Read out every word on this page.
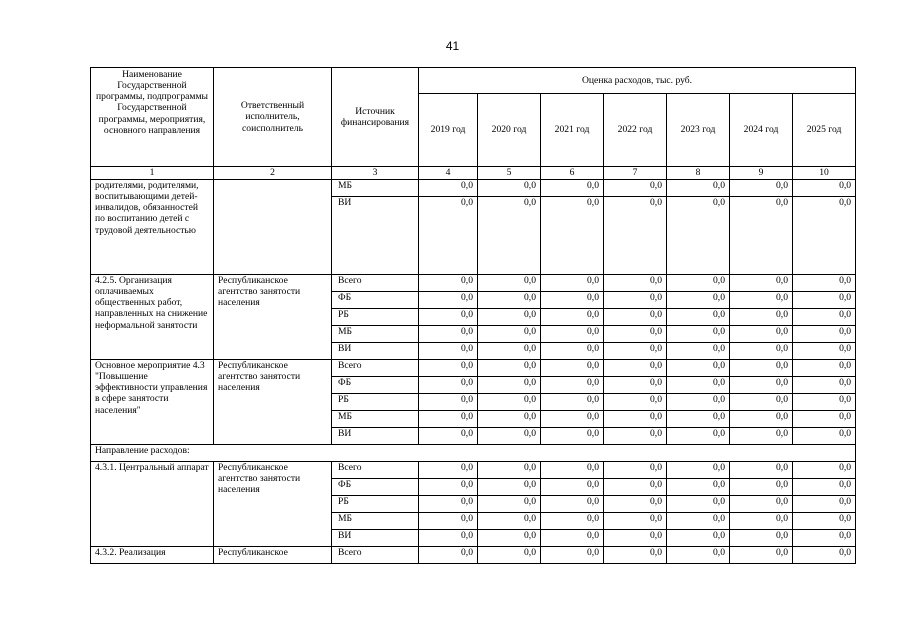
41
Наименование Государственной программы, подпрограммы Государственной программы, мероприятия, основного направления	Ответственный исполнитель, соисполнитель	Источник финансирования	Оценка расходов, тыс. руб.						
			2019 год	2020 год	2021 год	2022 год	2023 год	2024 год	2025 год
1	2	3	4	5	6	7	8	9	10
родителями, родителями, воспитывающими детей-инвалидов, обязанностей по воспитанию детей с трудовой деятельностью		МБ	0,0	0,0	0,0	0,0	0,0	0,0	0,0
		ВИ	0,0	0,0	0,0	0,0	0,0	0,0	0,0
4.2.5. Организация оплачиваемых общественных работ, направленных на снижение неформальной занятости	Республиканское агентство занятости населения	Всего	0,0	0,0	0,0	0,0	0,0	0,0	0,0
		ФБ	0,0	0,0	0,0	0,0	0,0	0,0	0,0
		РБ	0,0	0,0	0,0	0,0	0,0	0,0	0,0
		МБ	0,0	0,0	0,0	0,0	0,0	0,0	0,0
		ВИ	0,0	0,0	0,0	0,0	0,0	0,0	0,0
Основное мероприятие 4.3 "Повышение эффективности управления в сфере занятости населения"	Республиканское агентство занятости населения	Всего	0,0	0,0	0,0	0,0	0,0	0,0	0,0
		ФБ	0,0	0,0	0,0	0,0	0,0	0,0	0,0
		РБ	0,0	0,0	0,0	0,0	0,0	0,0	0,0
		МБ	0,0	0,0	0,0	0,0	0,0	0,0	0,0
		ВИ	0,0	0,0	0,0	0,0	0,0	0,0	0,0
Направление расходов:									
4.3.1. Центральный аппарат	Республиканское агентство занятости населения	Всего	0,0	0,0	0,0	0,0	0,0	0,0	0,0
		ФБ	0,0	0,0	0,0	0,0	0,0	0,0	0,0
		РБ	0,0	0,0	0,0	0,0	0,0	0,0	0,0
		МБ	0,0	0,0	0,0	0,0	0,0	0,0	0,0
		ВИ	0,0	0,0	0,0	0,0	0,0	0,0	0,0
4.3.2. Реализация	Республиканское	Всего	0,0	0,0	0,0	0,0	0,0	0,0	0,0
